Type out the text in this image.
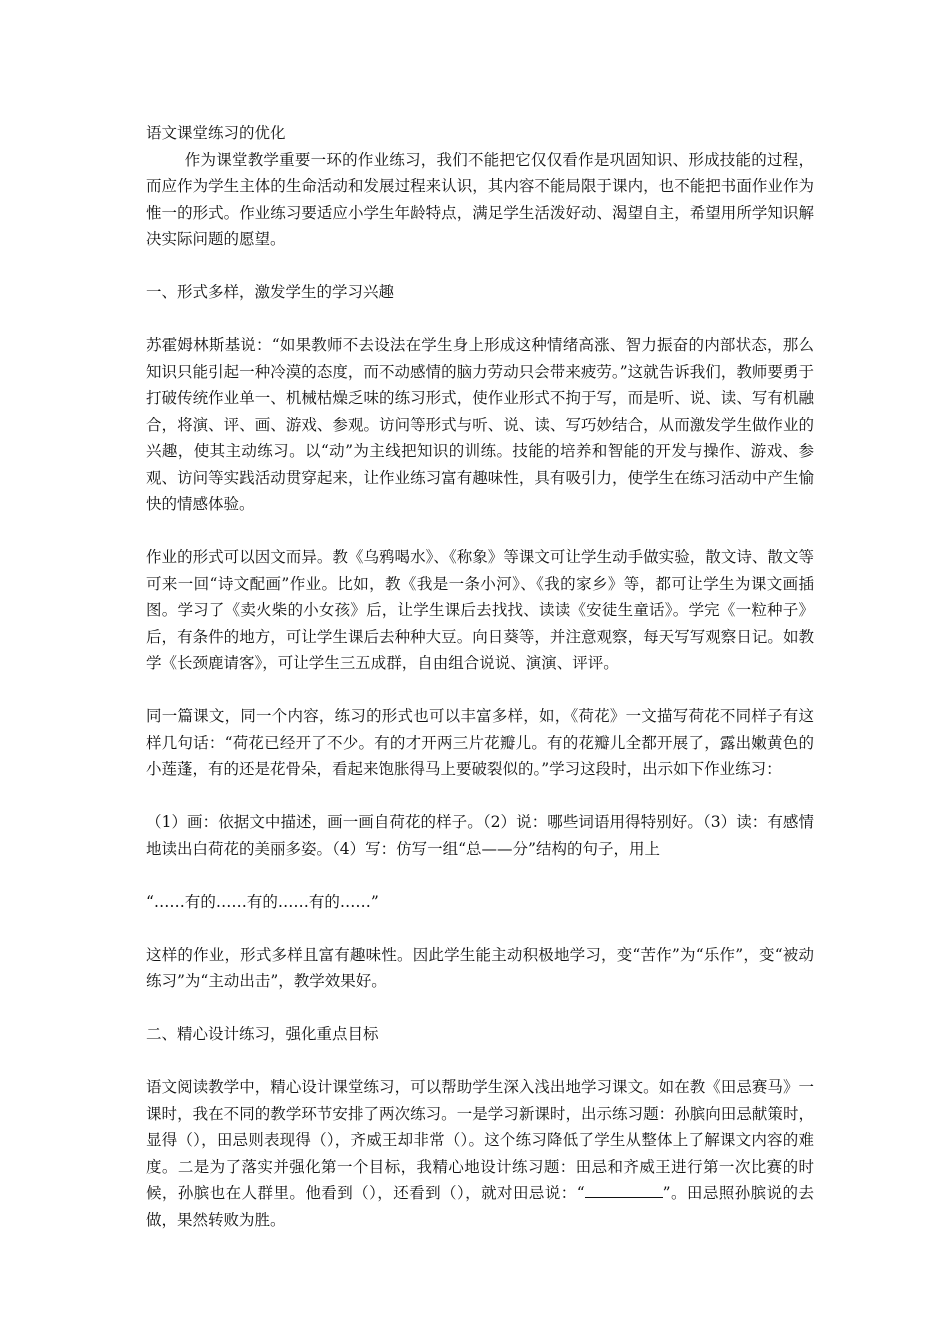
语文课堂练习的优化

作为课堂教学重要一环的作业练习，我们不能把它仅仅看作是巩固知识、形成技能的过程，而应作为学生主体的生命活动和发展过程来认识，其内容不能局限于课内，也不能把书面作业作为惟一的形式。作业练习要适应小学生年龄特点，满足学生活泼好动、渴望自主，希望用所学知识解决实际问题的愿望。

一、形式多样，激发学生的学习兴趣

苏霍姆林斯基说：“如果教师不去设法在学生身上形成这种情绪高涨、智力振奋的内部状态，那么知识只能引起一种冷漠的态度，而不动感情的脑力劳动只会带来疲劳。”这就告诉我们，教师要勇于打破传统作业单一、机械枯燥乏味的练习形式，使作业形式不拘于写，而是听、说、读、写有机融合，将演、评、画、游戏、参观。访问等形式与听、说、读、写巧妙结合，从而激发学生做作业的兴趣，使其主动练习。以“动”为主线把知识的训练。技能的培养和智能的开发与操作、游戏、参观、访问等实践活动贯穿起来，让作业练习富有趣味性，具有吸引力，使学生在练习活动中产生愉快的情感体验。

作业的形式可以因文而异。教《乌鸦喝水》、《称象》等课文可让学生动手做实验，散文诗、散文等可来一回“诗文配画”作业。比如，教《我是一条小河》、《我的家乡》等，都可让学生为课文画插图。学习了《卖火柴的小女孩》后，让学生课后去找找、读读《安徒生童话》。学完《一粒种子》后，有条件的地方，可让学生课后去种种大豆。向日葵等，并注意观察，每天写写观察日记。如教学《长颈鹿请客》，可让学生三五成群，自由组合说说、演演、评评。

同一篇课文，同一个内容，练习的形式也可以丰富多样，如，《荷花》一文描写荷花不同样子有这样几句话：“荷花已经开了不少。有的才开两三片花瓣儿。有的花瓣儿全都开展了，露出嫩黄色的小莲蓬，有的还是花骨朵，看起来饱胀得马上要破裂似的。”学习这段时，出示如下作业练习：

（1）画：依据文中描述，画一画自荷花的样子。（2）说：哪些词语用得特别好。（3）读：有感情地读出白荷花的美丽多姿。（4）写：仿写一组“总——分”结构的句子，用上

“……有的……有的……有的……”

这样的作业，形式多样且富有趣味性。因此学生能主动积极地学习，变“苦作”为“乐作”，变“被动练习”为“主动出击”，教学效果好。

二、精心设计练习，强化重点目标

语文阅读教学中，精心设计课堂练习，可以帮助学生深入浅出地学习课文。如在教《田忌赛马》一课时，我在不同的教学环节安排了两次练习。一是学习新课时，出示练习题：孙膑向田忌献策时，显得（），田忌则表现得（），齐威王却非常（）。这个练习降低了学生从整体上了解课文内容的难度。二是为了落实并强化第一个目标，我精心地设计练习题：田忌和齐威王进行第一次比赛的时候，孙膑也在人群里。他看到（），还看到（），就对田忌说：“	”。田忌照孙膑说的去做，果然转败为胜。
